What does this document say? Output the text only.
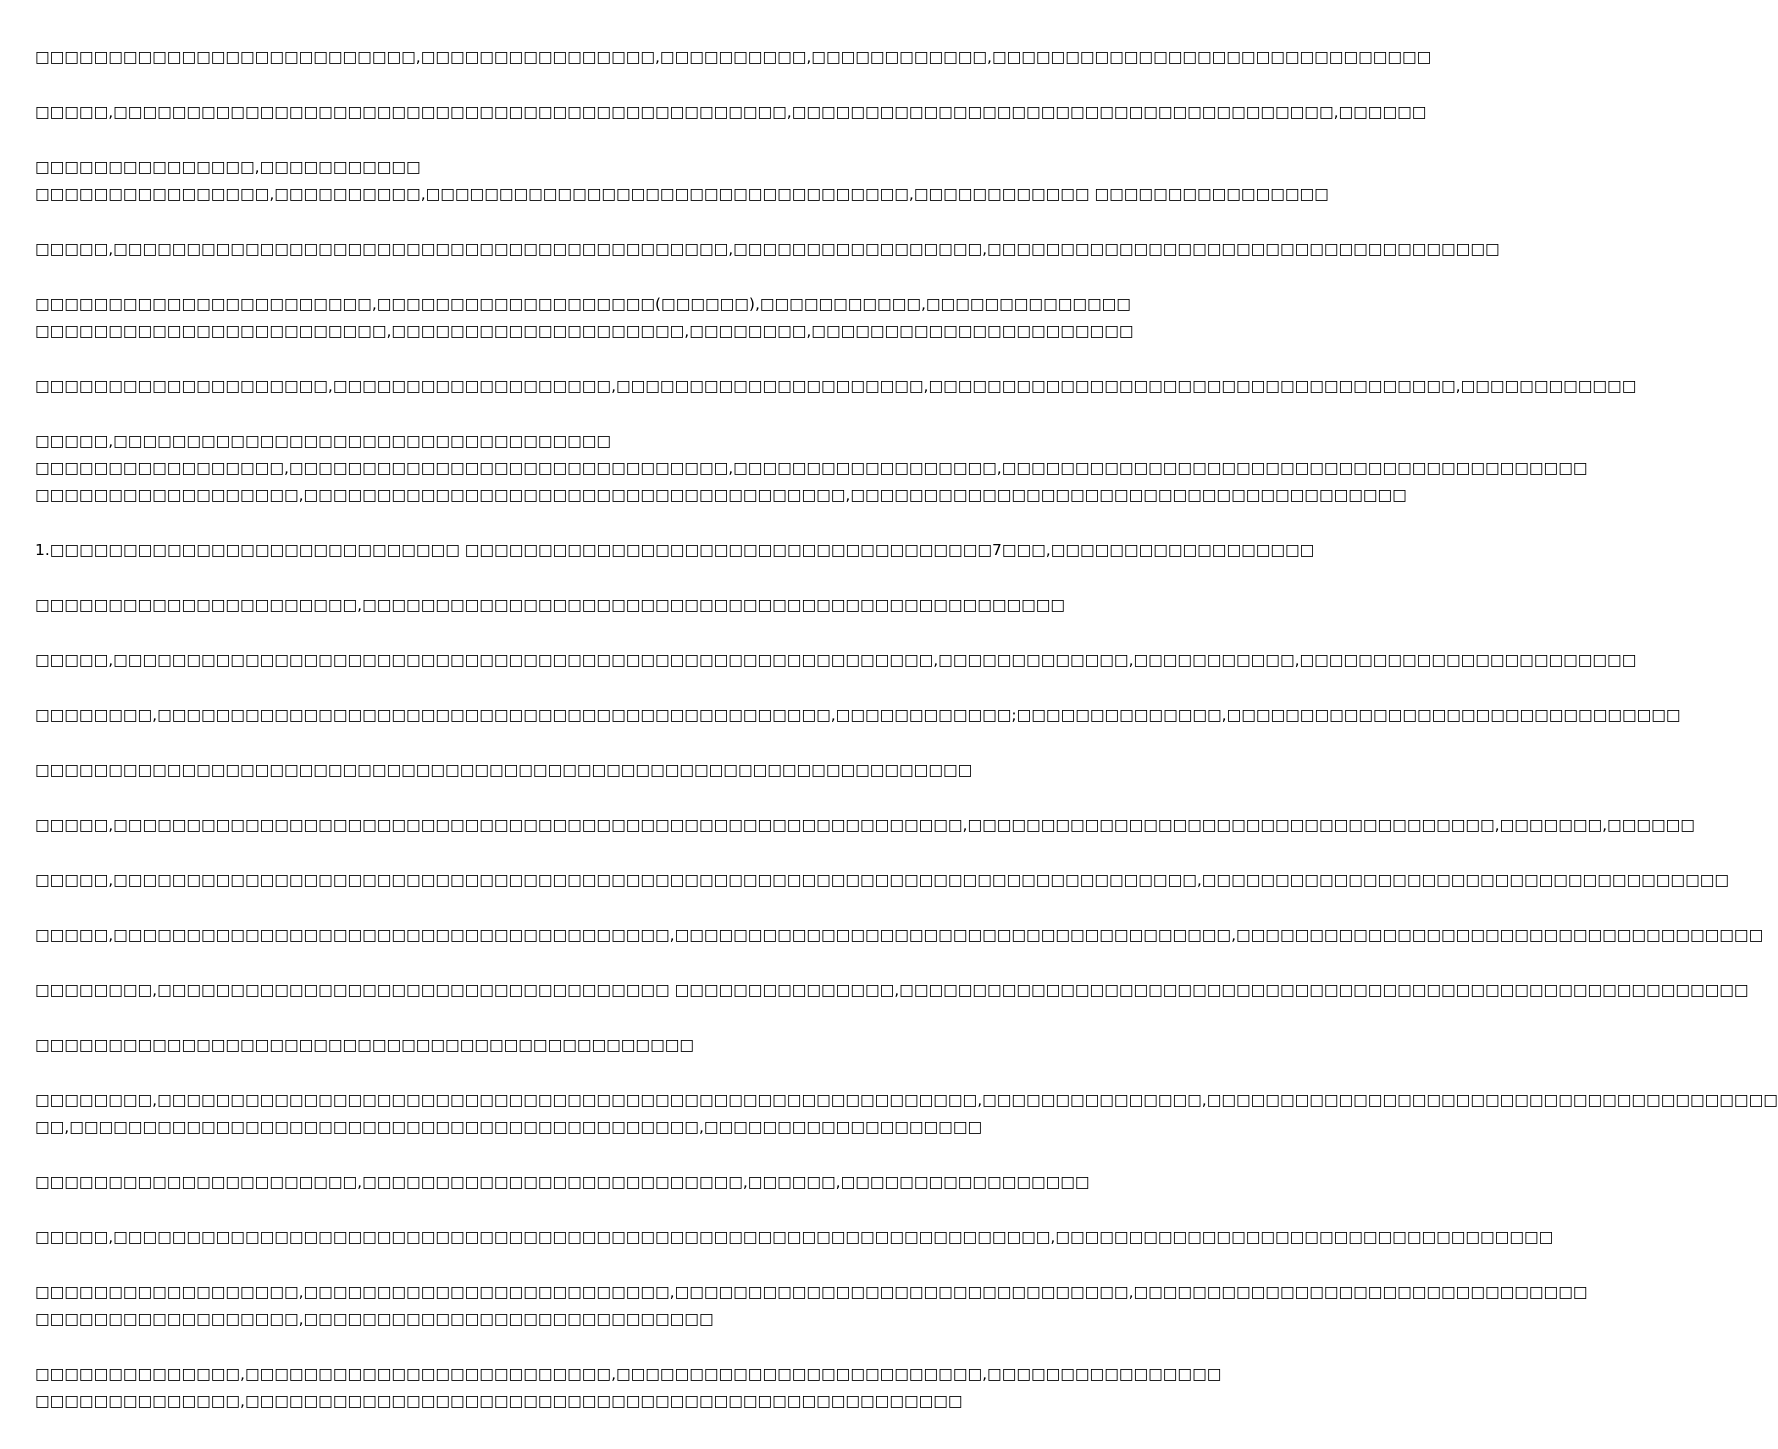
□□□□□□□□□□□□□□□□□□□□□□□□□□,□□□□□□□□□□□□□□□□,□□□□□□□□□□,□□□□□□□□□□□□,□□□□□□□□□□□□□□□□□□□□□□□□□□□□□□

□□□□□,□□□□□□□□□□□□□□□□□□□□□□□□□□□□□□□□□□□□□□□□□□□□□□,□□□□□□□□□□□□□□□□□□□□□□□□□□□□□□□□□□□□□,□□□□□□

□□□□□□□□□□□□□□□,□□□□□□□□□□□
□□□□□□□□□□□□□□□□,□□□□□□□□□□,□□□□□□□□□□□□□□□□□□□□□□□□□□□□□□□□□,□□□□□□□□□□□□ □□□□□□□□□□□□□□□□

□□□□□,□□□□□□□□□□□□□□□□□□□□□□□□□□□□□□□□□□□□□□□□□□,□□□□□□□□□□□□□□□□□,□□□□□□□□□□□□□□□□□□□□□□□□□□□□□□□□□□□

□□□□□□□□□□□□□□□□□□□□□□□,□□□□□□□□□□□□□□□□□□□(□□□□□□),□□□□□□□□□□□,□□□□□□□□□□□□□□
□□□□□□□□□□□□□□□□□□□□□□□□,□□□□□□□□□□□□□□□□□□□□,□□□□□□□□,□□□□□□□□□□□□□□□□□□□□□□

□□□□□□□□□□□□□□□□□□□□,□□□□□□□□□□□□□□□□□□□,□□□□□□□□□□□□□□□□□□□□□,□□□□□□□□□□□□□□□□□□□□□□□□□□□□□□□□□□□□,□□□□□□□□□□□□

□□□□□,□□□□□□□□□□□□□□□□□□□□□□□□□□□□□□□□□□
□□□□□□□□□□□□□□□□□,□□□□□□□□□□□□□□□□□□□□□□□□□□□□□□,□□□□□□□□□□□□□□□□□□,□□□□□□□□□□□□□□□□□□□□□□□□□□□□□□□□□□□□□□□□
□□□□□□□□□□□□□□□□□□,□□□□□□□□□□□□□□□□□□□□□□□□□□□□□□□□□□□□□,□□□□□□□□□□□□□□□□□□□□□□□□□□□□□□□□□□□□□□

1.□□□□□□□□□□□□□□□□□□□□□□□□□□□□ □□□□□□□□□□□□□□□□□□□□□□□□□□□□□□□□□□□□7□□□,□□□□□□□□□□□□□□□□□□

□□□□□□□□□□□□□□□□□□□□□□,□□□□□□□□□□□□□□□□□□□□□□□□□□□□□□□□□□□□□□□□□□□□□□□□

□□□□□,□□□□□□□□□□□□□□□□□□□□□□□□□□□□□□□□□□□□□□□□□□□□□□□□□□□□□□□□,□□□□□□□□□□□□□,□□□□□□□□□□□,□□□□□□□□□□□□□□□□□□□□□□□

□□□□□□□□,□□□□□□□□□□□□□□□□□□□□□□□□□□□□□□□□□□□□□□□□□□□□□□,□□□□□□□□□□□□;□□□□□□□□□□□□□□,□□□□□□□□□□□□□□□□□□□□□□□□□□□□□□□

□□□□□□□□□□□□□□□□□□□□□□□□□□□□□□□□□□□□□□□□□□□□□□□□□□□□□□□□□□□□□□□□

□□□□□,□□□□□□□□□□□□□□□□□□□□□□□□□□□□□□□□□□□□□□□□□□□□□□□□□□□□□□□□□□,□□□□□□□□□□□□□□□□□□□□□□□□□□□□□□□□□□□□,□□□□□□□,□□□□□□

□□□□□,□□□□□□□□□□□□□□□□□□□□□□□□□□□□□□□□□□□□□□□□□□□□□□□□□□□□□□□□□□□□□□□□□□□□□□□□□□,□□□□□□□□□□□□□□□□□□□□□□□□□□□□□□□□□□□□

□□□□□,□□□□□□□□□□□□□□□□□□□□□□□□□□□□□□□□□□□□□□,□□□□□□□□□□□□□□□□□□□□□□□□□□□□□□□□□□□□□□,□□□□□□□□□□□□□□□□□□□□□□□□□□□□□□□□□□□□

□□□□□□□□,□□□□□□□□□□□□□□□□□□□□□□□□□□□□□□□□□□□ □□□□□□□□□□□□□□□,□□□□□□□□□□□□□□□□□□□□□□□□□□□□□□□□□□□□□□□□□□□□□□□□□□□□□□□□□□

□□□□□□□□□□□□□□□□□□□□□□□□□□□□□□□□□□□□□□□□□□□□□

□□□□□□□□,□□□□□□□□□□□□□□□□□□□□□□□□□□□□□□□□□□□□□□□□□□□□□□□□□□□□□□□□,□□□□□□□□□□□□□□□,□□□□□□□□□□□□□□□□□□□□□□□□□□□□□□□□□□□□□□□
□□,□□□□□□□□□□□□□□□□□□□□□□□□□□□□□□□□□□□□□□□□□□□,□□□□□□□□□□□□□□□□□□□

□□□□□□□□□□□□□□□□□□□□□□,□□□□□□□□□□□□□□□□□□□□□□□□□□,□□□□□□,□□□□□□□□□□□□□□□□□

□□□□□,□□□□□□□□□□□□□□□□□□□□□□□□□□□□□□□□□□□□□□□□□□□□□□□□□□□□□□□□□□□□□□□□,□□□□□□□□□□□□□□□□□□□□□□□□□□□□□□□□□□

□□□□□□□□□□□□□□□□□□,□□□□□□□□□□□□□□□□□□□□□□□□□,□□□□□□□□□□□□□□□□□□□□□□□□□□□□□□□,□□□□□□□□□□□□□□□□□□□□□□□□□□□□□□□
□□□□□□□□□□□□□□□□□□,□□□□□□□□□□□□□□□□□□□□□□□□□□□□

□□□□□□□□□□□□□□,□□□□□□□□□□□□□□□□□□□□□□□□□,□□□□□□□□□□□□□□□□□□□□□□□□□,□□□□□□□□□□□□□□□□
□□□□□□□□□□□□□□,□□□□□□□□□□□□□□□□□□□□□□□□□□□□□□□□□□□□□□□□□□□□□□□□□
